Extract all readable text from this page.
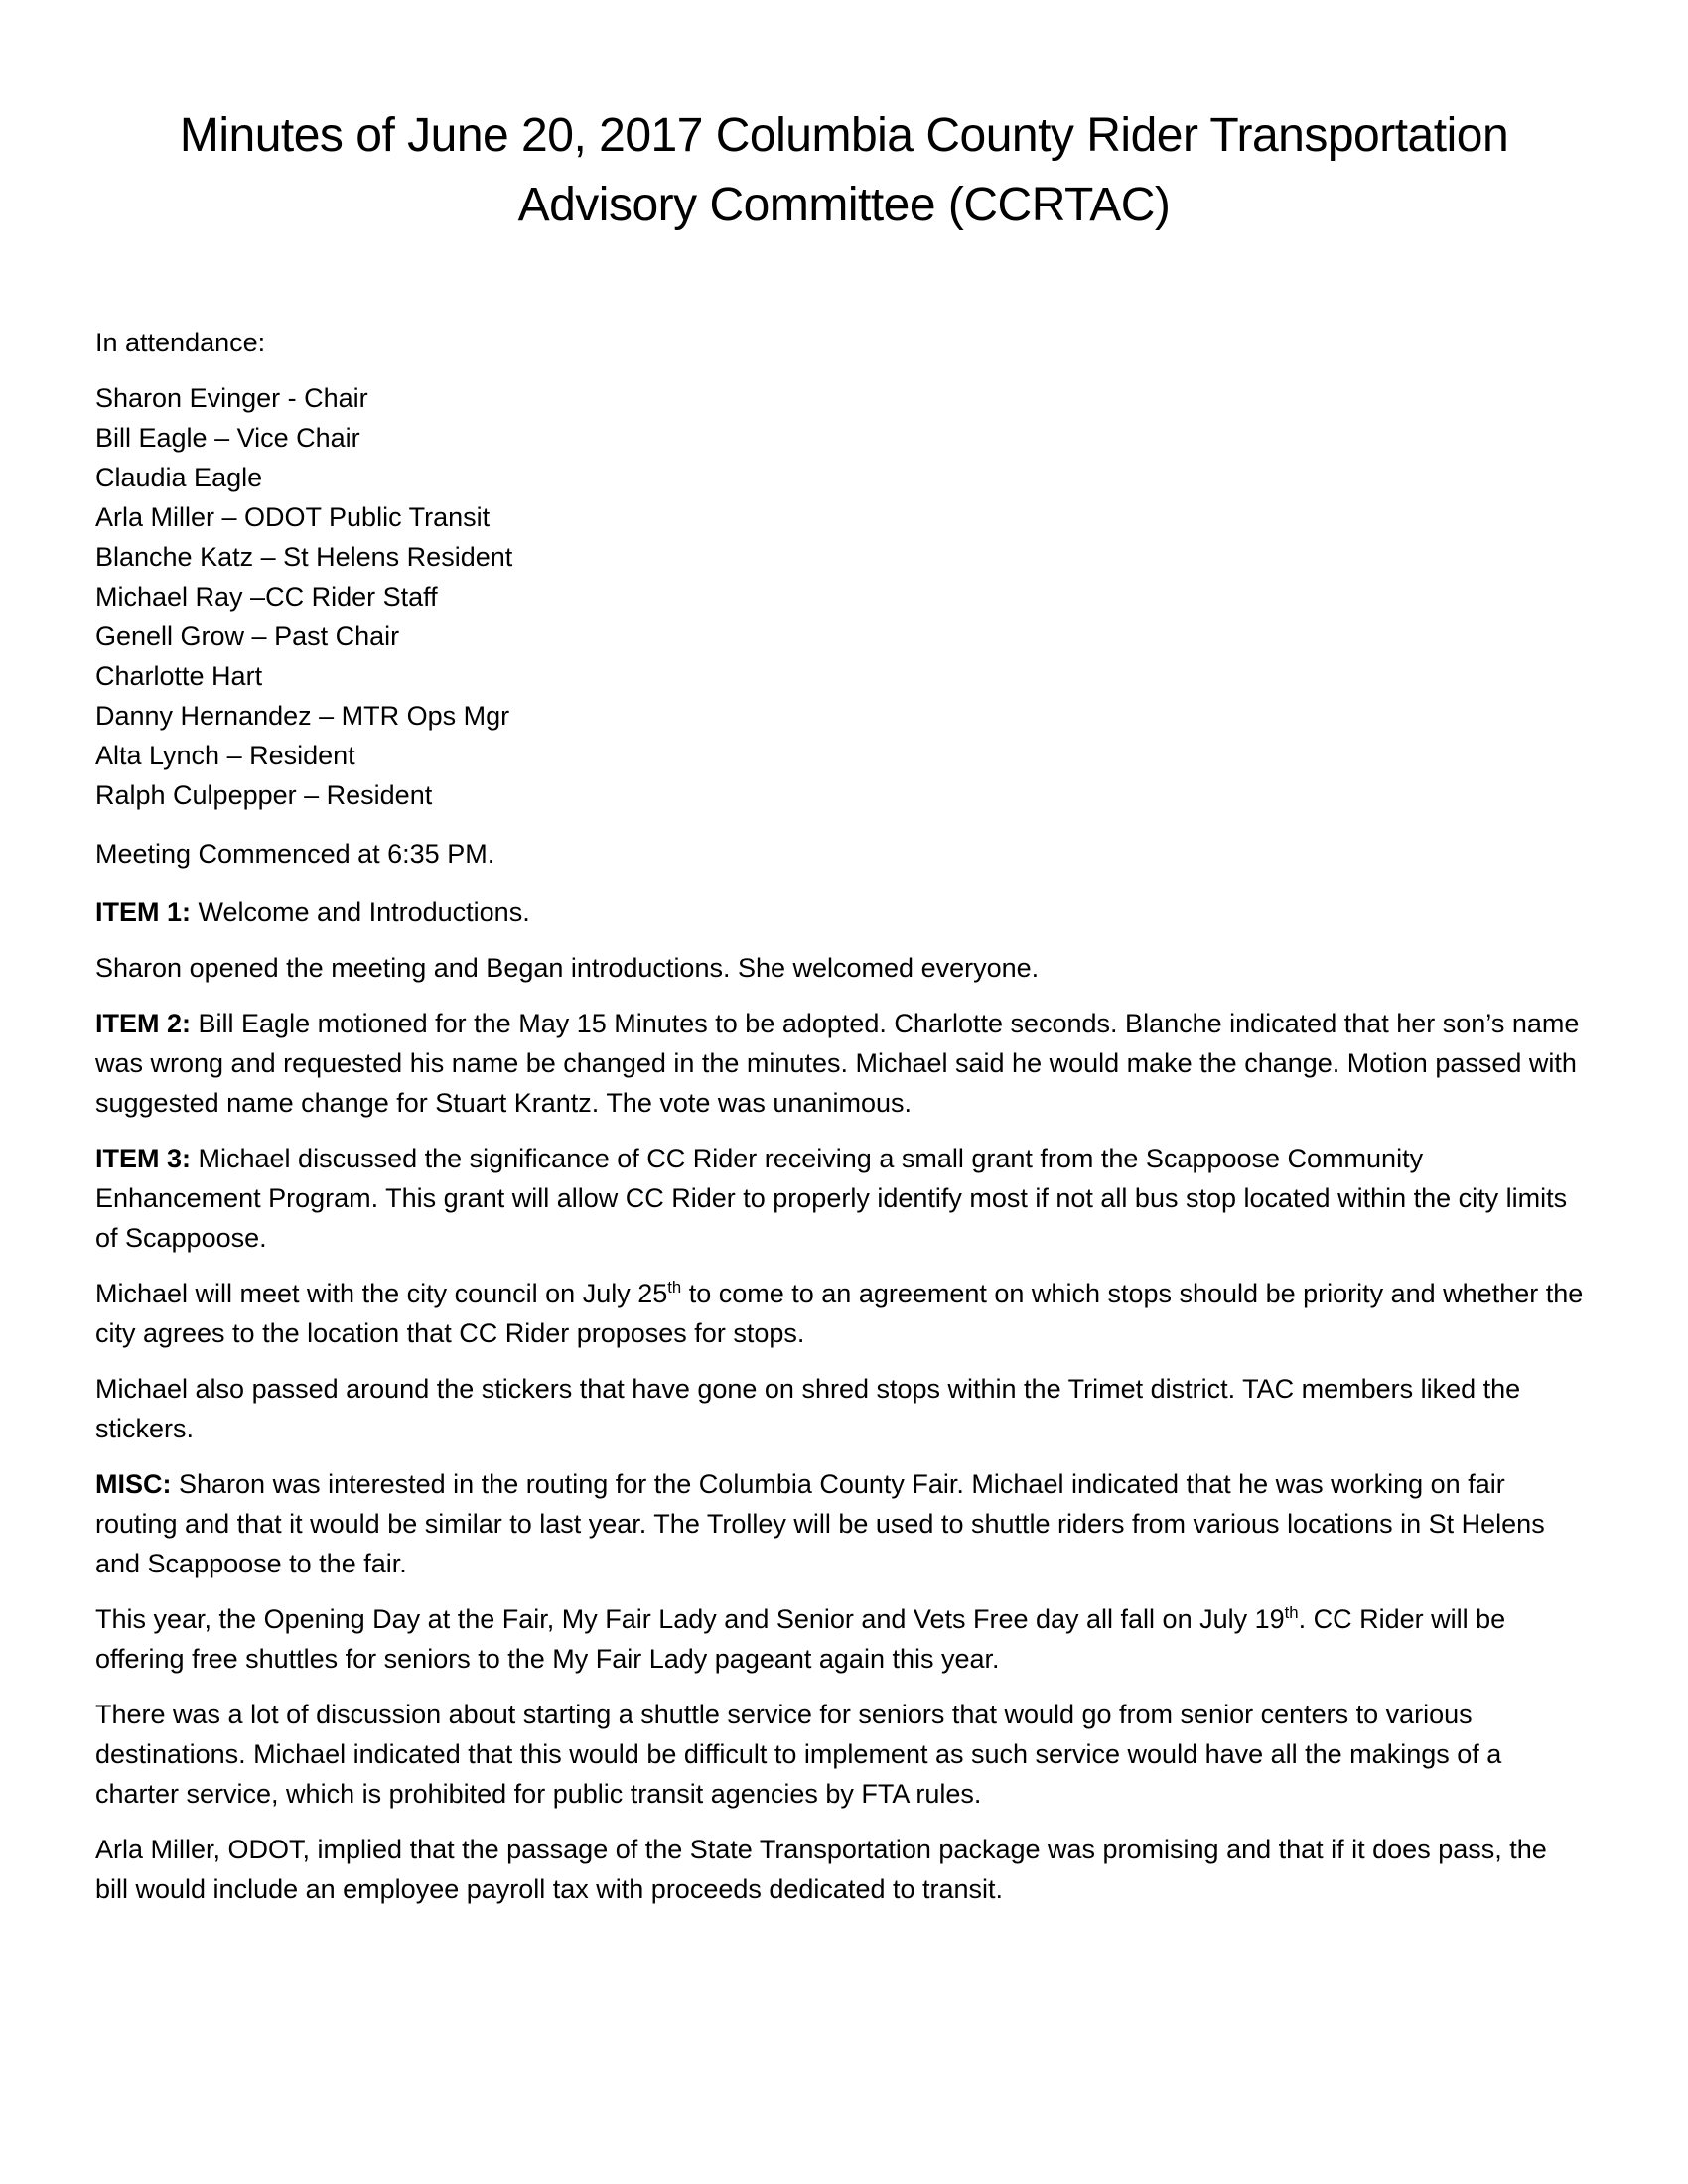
Minutes of June 20, 2017 Columbia County Rider Transportation
Advisory Committee (CCRTAC)

In attendance:

Sharon Evinger - Chair
Bill Eagle – Vice Chair
Claudia Eagle
Arla Miller – ODOT Public Transit
Blanche Katz – St Helens Resident
Michael Ray –CC Rider Staff
Genell Grow – Past Chair
Charlotte Hart
Danny Hernandez – MTR Ops Mgr
Alta Lynch – Resident
Ralph Culpepper – Resident

Meeting Commenced at 6:35 PM.

ITEM 1: Welcome and Introductions.

Sharon opened the meeting and Began introductions. She welcomed everyone.

ITEM 2: Bill Eagle motioned for the May 15 Minutes to be adopted. Charlotte seconds. Blanche indicated that her son’s name was wrong and requested his name be changed in the minutes. Michael said he would make the change. Motion passed with suggested name change for Stuart Krantz. The vote was unanimous.

ITEM 3: Michael discussed the significance of CC Rider receiving a small grant from the Scappoose Community Enhancement Program. This grant will allow CC Rider to properly identify most if not all bus stop located within the city limits of Scappoose.

Michael will meet with the city council on July 25th to come to an agreement on which stops should be priority and whether the city agrees to the location that CC Rider proposes for stops.

Michael also passed around the stickers that have gone on shred stops within the Trimet district. TAC members liked the stickers.

MISC: Sharon was interested in the routing for the Columbia County Fair. Michael indicated that he was working on fair routing and that it would be similar to last year. The Trolley will be used to shuttle riders from various locations in St Helens and Scappoose to the fair.

This year, the Opening Day at the Fair, My Fair Lady and Senior and Vets Free day all fall on July 19th. CC Rider will be offering free shuttles for seniors to the My Fair Lady pageant again this year.

There was a lot of discussion about starting a shuttle service for seniors that would go from senior centers to various destinations. Michael indicated that this would be difficult to implement as such service would have all the makings of a charter service, which is prohibited for public transit agencies by FTA rules.

Arla Miller, ODOT, implied that the passage of the State Transportation package was promising and that if it does pass, the bill would include an employee payroll tax with proceeds dedicated to transit.
